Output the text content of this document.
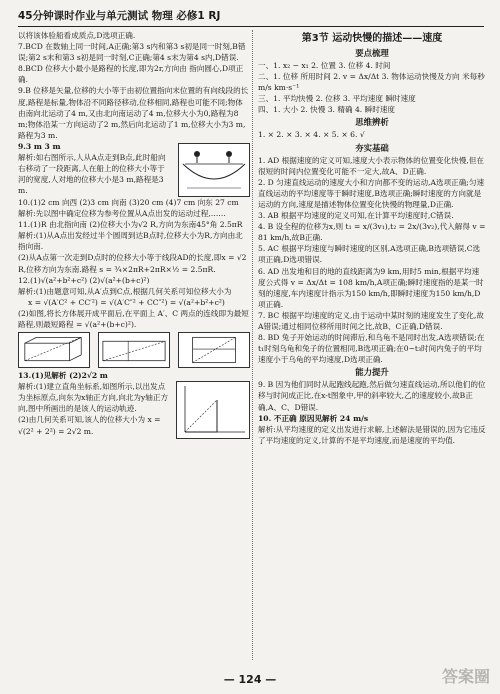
45分钟课时作业与单元测试 物理 必修1 RJ

以将该体验船看成质点,D选项正确.

7.BCD 在数轴上同一时间,A正确;第3 s内和第3 s初是同一时刻,B错误;第2 s末和第3 s初是同一时刻,C正确;第4 s末为第4 s内,D错误.

8.BCD 位移大小最小是路程的长度,即为2r,方向由 指向圆心,D项正确.

9.B 位移是矢量,位移的大小等于由初位置指向末位置的有向线段的长度,路程是标量,物体沿不同路径移动,位移相同,路程也可能不同;物体由南向北运动了4 m,又由北向南运动了4 m,位移大小为0,路程为8 m;物体沿某一方向运动了2 m,然后向北运动了1 m,位移大小为3 m,路程为3 m.

9.3 m 3 m

解析:如右图所示,人从A点走到B点,此时船向右移动了一段距离,人在船上的位移大小等于河的宽度,人对地的位移大小是3 m,路程是3 m.

10.(1)2 cm 向西 (2)3 cm 向南 (3)20 cm (4)7 cm 向东 27 cm

解析:先以图中确定位移为参考位置从A点出发的运动过程,……

11.(1)R 由北指向南 (2)位移大小为√2 R,方向为东南45°角 2.5πR

解析:(1)从A点出发经过半个圆周到达B点时,位移大小为R,方向由北指向南.

(2)从A点第一次走到D点时的位移大小等于线段AD的长度,即x = √2 R,位移方向为东南.路程 s = ¾×2πR+2πR×½ = 2.5πR.

12.(1)√(a²+b²+c²) (2)√(a²+(b+c)²)

解析:(1)由题意可知,从A′点到C点,根据几何关系可知位移大小为

x = √(A′C² + CC′²) = √(A′C″² + CC″²) = √(a²+b²+c²)

(2)如图,将长方体展开成平面后,在平面上 A′、C 两点的连线即为最短路程,则最短路程 = √(a²+(b+c)²).

13.(1)见解析 (2)2√2 m

解析:(1)建立直角坐标系,如图所示,以出发点为坐标原点,向东为x轴正方向,向北为y轴正方向,图中所画出的是该人的运动轨迹.

(2)由几何关系可知,该人的位移大小为 x = √(2² + 2²) = 2√2 m.

第3节 运动快慢的描述——速度
要点梳理

一、1. x₂ − x₁ 2. 位置 3. 位移 4. 时间

二、1. 位移 所用时间 2. v = Δx/Δt 3. 物体运动快慢及方向 米每秒 m/s km·s⁻¹

三、1. 平均快慢 2. 位移 3. 平均速度 瞬时速度

四、1. 大小 2. 快慢 3. 精确 4. 瞬时速度

思维辨析

1. × 2. × 3. × 4. × 5. × 6. √

夯实基础

1. AD 根据速度的定义可知,速度大小表示物体的位置变化快慢,但在很短的时间内位置变化可能不一定大,故A、D正确.

2. D 匀速直线运动的速度大小和方向都不变的运动,A选项正确;匀速直线运动的平均速度等于瞬时速度,B选项正确;瞬时速度的方向就是运动的方向,速度是描述物体位置变化快慢的物理量,D正确.

3. AB 根据平均速度的定义可知,在计算平均速度时,C错误.

4. B 设全程的位移为x,则 t₁ = x/(3v₁),t₂ = 2x/(3v₂),代入解得 v = 81 km/h,故B正确.

5. AC 根据平均速度与瞬时速度的区别,A选项正确,B选项错误,C选项正确,D选项错误.

6. AD 出发地和目的地的直线距离为9 km,用时5 min,根据平均速度公式得 v = Δx/Δt = 108 km/h,A项正确;瞬时速度指的是某一时刻的速度,车内速度计指示为150 km/h,即瞬时速度为150 km/h,D项正确.

7. BC 根据平均速度的定义,由于运动中某时刻的速度发生了变化,故A错误;通过相同位移所用时间之比,故B、C正确,D错误.

8. BD 兔子开始运动的时间滞后,和乌龟不是同时出发,A选项错误;在t₁时刻乌龟和兔子的位置相同,B选项正确;在0~t₃时间内兔子的平均速度小于乌龟的平均速度,D选项正确.

能力提升

9. B 因为他们同时从起跑线起跑,然后做匀速直线运动,所以他们的位移与时间成正比,在x-t图象中,甲的斜率较大,乙的速度较小,故B正确,A、C、D错误.

10. 不正确 原因见解析 24 m/s

解析:从平均速度的定义出发进行求解,上述解法是错误的,因为它违反了平均速度的定义,计算的不是平均速度,而是速度的平均值.

— 124 —	答案圈
